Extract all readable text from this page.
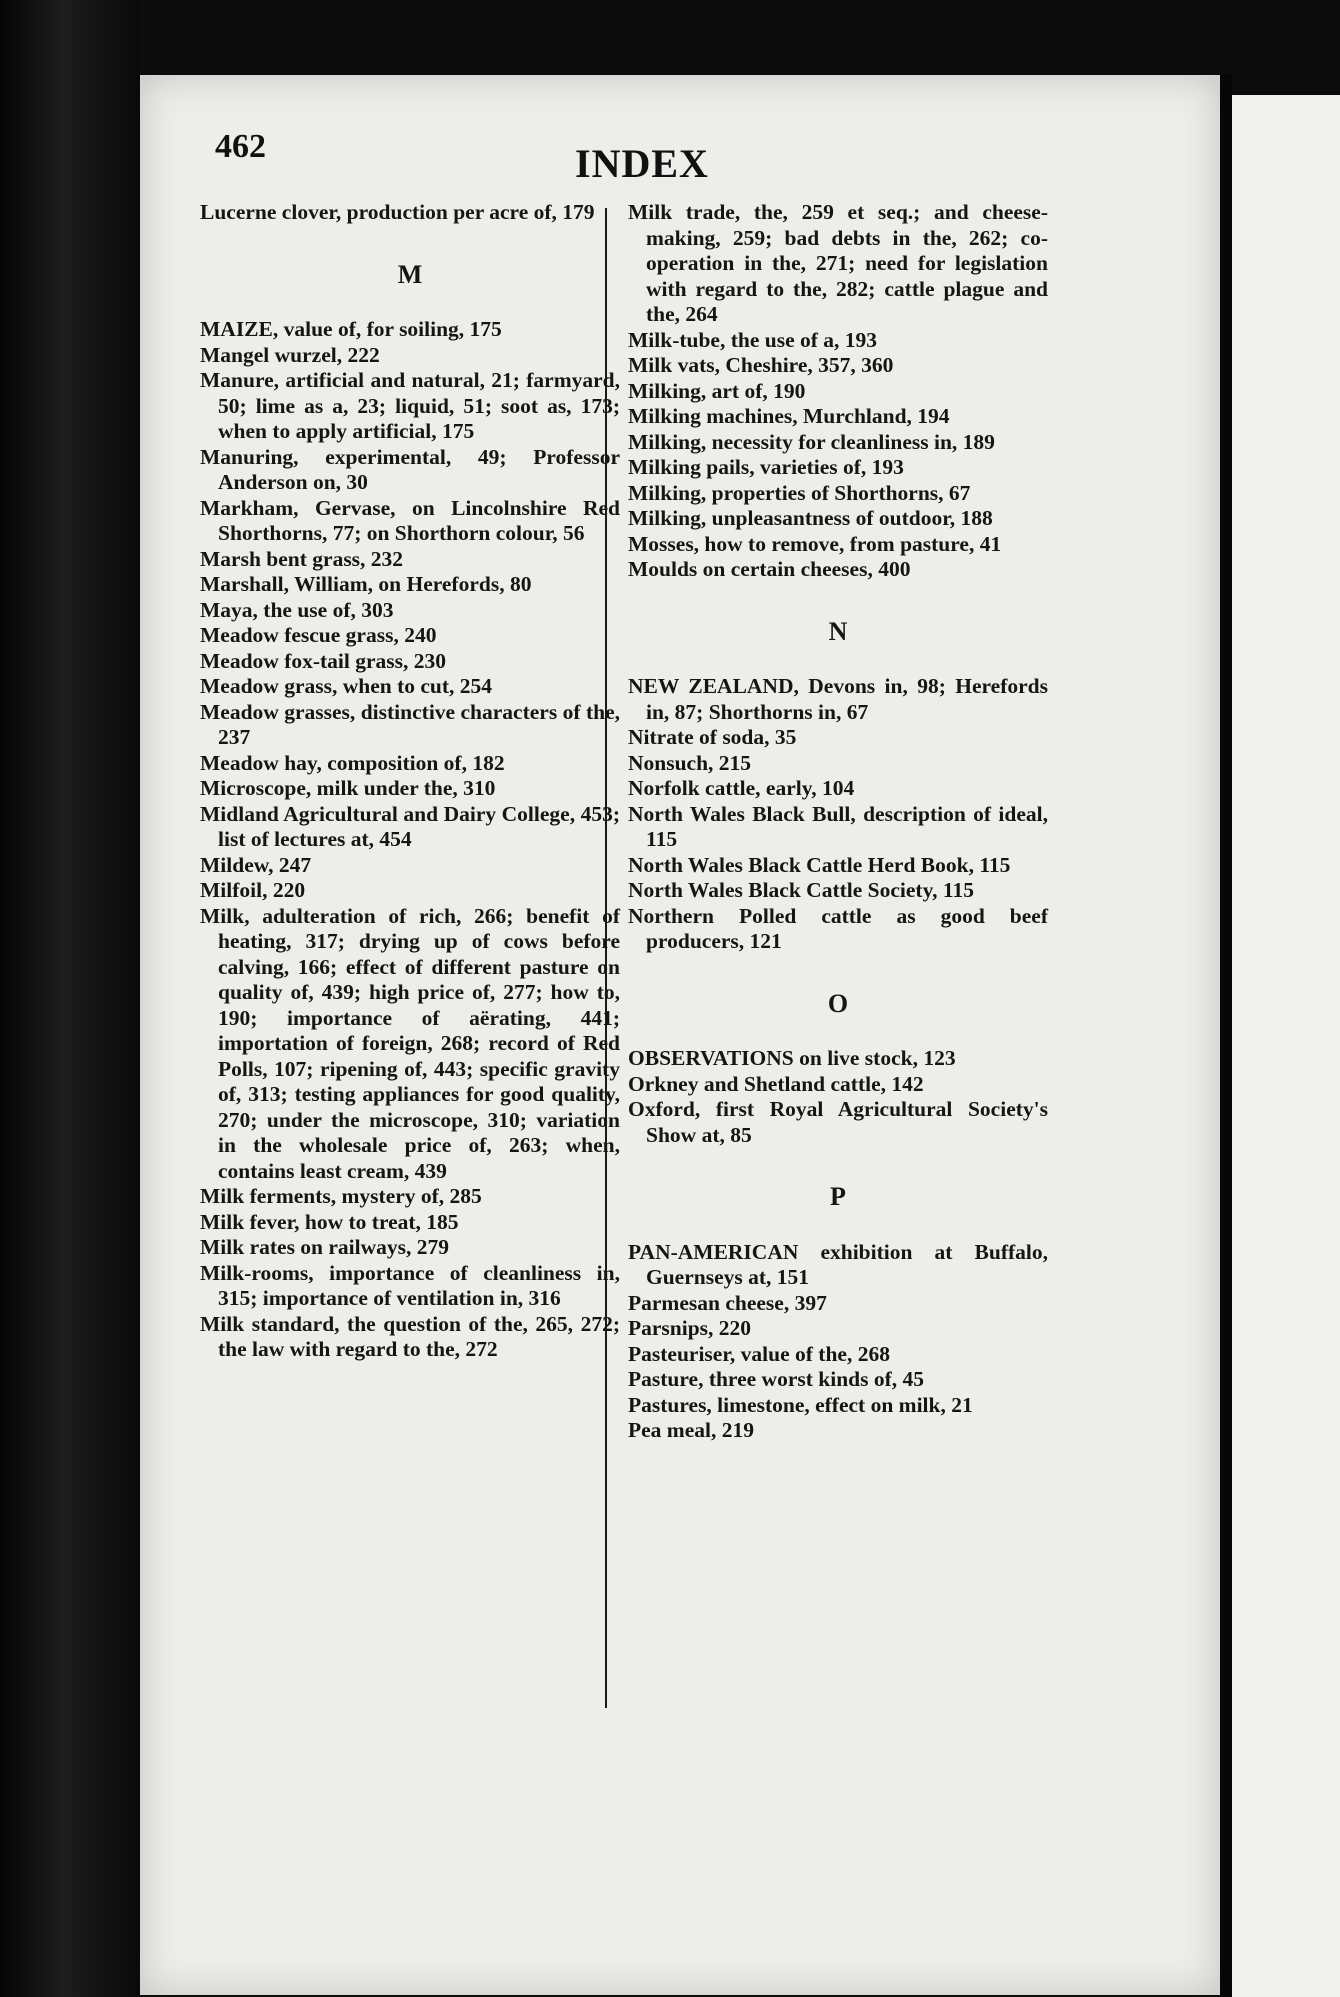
462	INDEX

Lucerne clover, production per acre of, 179

M

MAIZE, value of, for soiling, 175

Mangel wurzel, 222

Manure, artificial and natural, 21; farmyard, 50; lime as a, 23; liquid, 51; soot as, 173; when to apply artificial, 175

Manuring, experimental, 49; Professor Anderson on, 30

Markham, Gervase, on Lincolnshire Red Shorthorns, 77; on Shorthorn colour, 56

Marsh bent grass, 232

Marshall, William, on Herefords, 80

Maya, the use of, 303

Meadow fescue grass, 240

Meadow fox-tail grass, 230

Meadow grass, when to cut, 254

Meadow grasses, distinctive characters of the, 237

Meadow hay, composition of, 182

Microscope, milk under the, 310

Midland Agricultural and Dairy College, 453; list of lectures at, 454

Mildew, 247

Milfoil, 220

Milk, adulteration of rich, 266; benefit of heating, 317; drying up of cows before calving, 166; effect of different pasture on quality of, 439; high price of, 277; how to, 190; importance of aërating, 441; importation of foreign, 268; record of Red Polls, 107; ripening of, 443; specific gravity of, 313; testing appliances for good quality, 270; under the microscope, 310; variation in the wholesale price of, 263; when, contains least cream, 439

Milk ferments, mystery of, 285

Milk fever, how to treat, 185

Milk rates on railways, 279

Milk-rooms, importance of cleanliness in, 315; importance of ventilation in, 316

Milk standard, the question of the, 265, 272; the law with regard to the, 272

Milk trade, the, 259 et seq.; and cheese-making, 259; bad debts in the, 262; co-operation in the, 271; need for legislation with regard to the, 282; cattle plague and the, 264

Milk-tube, the use of a, 193

Milk vats, Cheshire, 357, 360

Milking, art of, 190

Milking machines, Murchland, 194

Milking, necessity for cleanliness in, 189

Milking pails, varieties of, 193

Milking, properties of Shorthorns, 67

Milking, unpleasantness of outdoor, 188

Mosses, how to remove, from pasture, 41

Moulds on certain cheeses, 400

N

NEW ZEALAND, Devons in, 98; Herefords in, 87; Shorthorns in, 67

Nitrate of soda, 35

Nonsuch, 215

Norfolk cattle, early, 104

North Wales Black Bull, description of ideal, 115

North Wales Black Cattle Herd Book, 115

North Wales Black Cattle Society, 115

Northern Polled cattle as good beef producers, 121

O

OBSERVATIONS on live stock, 123

Orkney and Shetland cattle, 142

Oxford, first Royal Agricultural Society's Show at, 85

P

PAN-AMERICAN exhibition at Buffalo, Guernseys at, 151

Parmesan cheese, 397

Parsnips, 220

Pasteuriser, value of the, 268

Pasture, three worst kinds of, 45

Pastures, limestone, effect on milk, 21

Pea meal, 219
